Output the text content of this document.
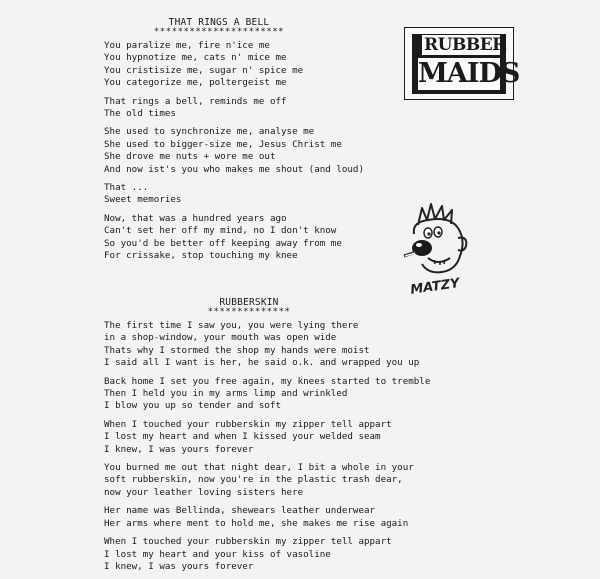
THAT RINGS A BELL
**********************
You paralize me, fire n'ice me
You hypnotize me, cats n' mice me
You cristisize me, sugar n' spice me
You categorize me, poltergeist me
That rings a bell, reminds me off
The old times
She used to synchronize me, analyse me
She used to bigger-size me, Jesus Christ me
She drove me nuts + wore me out
And now ist's you who makes me shout (and loud)
That ...
Sweet memories
Now, that was a hundred years ago
Can't set her off my mind, no I don't know
So you'd be better off keeping away from me
For crissake, stop touching my knee
RUBBER
MAIDS
MATZY
RUBBERSKIN
**************
The first time I saw you, you were lying there
in a shop-window, your mouth was open wide
Thats why I stormed the shop my hands were moist
I said all I want is her, he said o.k. and wrapped you up
Back home I set you free again, my knees started to tremble
Then I held you in my arms limp and wrinkled
I blow you up so tender and soft
When I touched your rubberskin my zipper tell appart
I lost my heart and when I kissed your welded seam
I knew, I was yours forever
You burned me out that night dear, I bit a whole in your
soft rubberskin, now you're in the plastic trash dear,
now your leather loving sisters here
Her name was Bellinda, shewears leather underwear
Her arms where ment to hold me, she makes me rise again
When I touched your rubberskin my zipper tell appart
I lost my heart and your kiss of vasoline
I knew, I was yours forever
